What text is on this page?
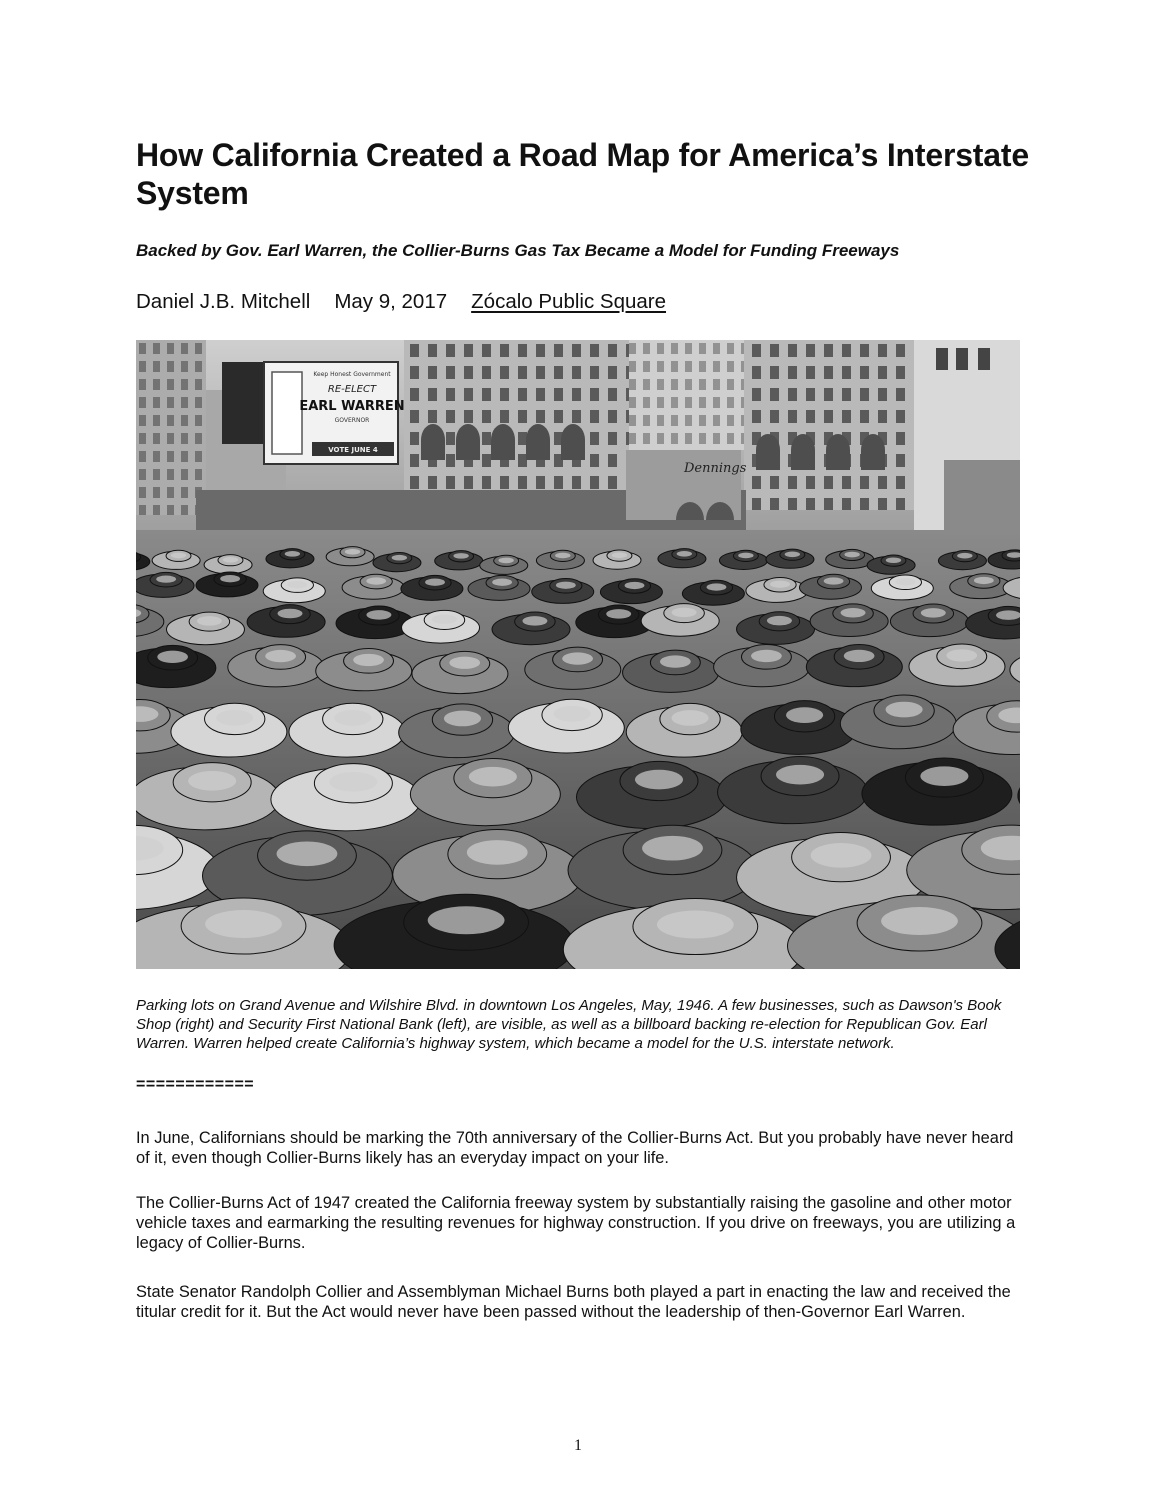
How California Created a Road Map for America’s Interstate System
Backed by Gov. Earl Warren, the Collier-Burns Gas Tax Became a Model for Funding Freeways
Daniel J.B. Mitchell May 9, 2017 Zócalo Public Square
Dennings
Keep Honest Government
RE-ELECT
EARL WARREN
GOVERNOR
VOTE JUNE 4
Parking lots on Grand Avenue and Wilshire Blvd. in downtown Los Angeles, May, 1946. A few businesses, such as Dawson's Book Shop (right) and Security First National Bank (left), are visible, as well as a billboard backing re-election for Republican Gov. Earl Warren. Warren helped create California’s highway system, which became a model for the U.S. interstate network.
============

In June, Californians should be marking the 70th anniversary of the Collier-Burns Act. But you probably have never heard of it, even though Collier-Burns likely has an everyday impact on your life.

The Collier-Burns Act of 1947 created the California freeway system by substantially raising the gasoline and other motor vehicle taxes and earmarking the resulting revenues for highway construction. If you drive on freeways, you are utilizing a legacy of Collier-Burns.

State Senator Randolph Collier and Assemblyman Michael Burns both played a part in enacting the law and received the titular credit for it. But the Act would never have been passed without the leadership of then-Governor Earl Warren.

1
